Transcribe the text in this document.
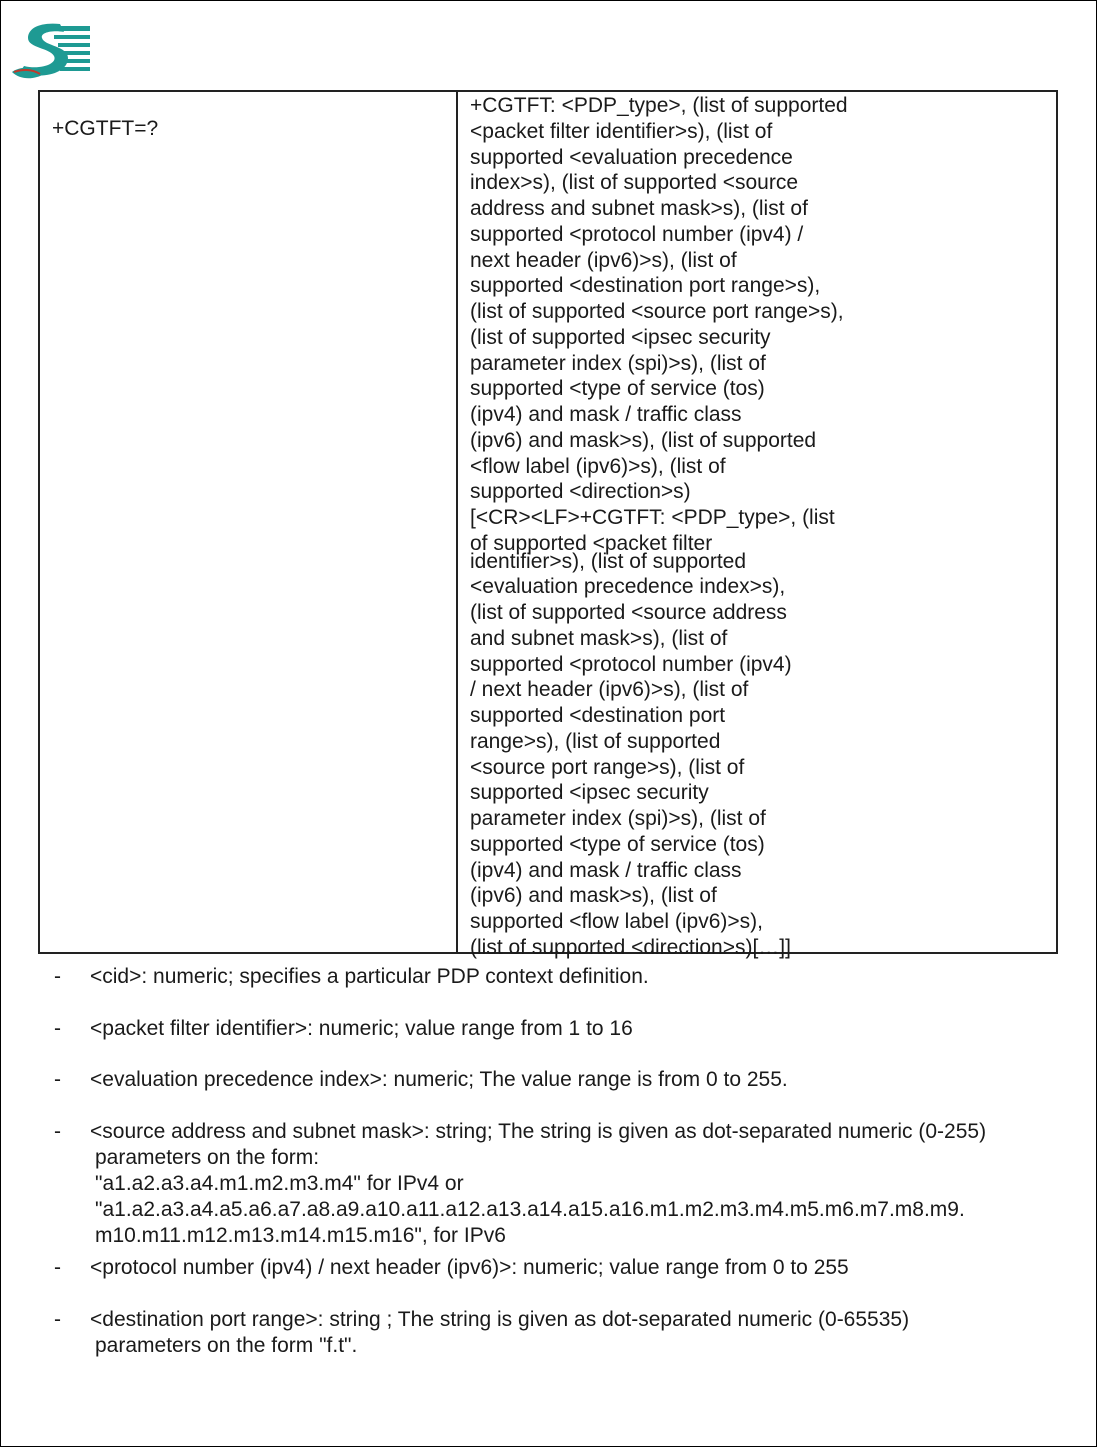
+CGTFT=?
+CGTFT: <PDP_type>, (list of supported
<packet filter identifier>s), (list of
supported <evaluation precedence
index>s), (list of supported <source
address and subnet mask>s), (list of
supported <protocol number (ipv4) /
next header (ipv6)>s), (list of
supported <destination port range>s),
(list of supported <source port range>s),
(list of supported <ipsec security
parameter index (spi)>s), (list of
supported <type of service (tos)
(ipv4) and mask / traffic class
(ipv6) and mask>s), (list of supported
<flow label (ipv6)>s), (list of
supported <direction>s)
[<CR><LF>+CGTFT: <PDP_type>, (list
of supported <packet filter
identifier>s), (list of supported
<evaluation precedence index>s),
(list of supported <source address
and subnet mask>s), (list of
supported <protocol number (ipv4)
/ next header (ipv6)>s), (list of
supported <destination port
range>s), (list of supported
<source port range>s), (list of
supported <ipsec security
parameter index (spi)>s), (list of
supported <type of service (tos)
(ipv4) and mask / traffic class
(ipv6) and mask>s), (list of
supported <flow label (ipv6)>s),
(list of supported <direction>s)[…]]
- <cid>: numeric; specifies a particular PDP context definition.
- <packet filter identifier>: numeric; value range from 1 to 16
- <evaluation precedence index>: numeric; The value range is from 0 to 255.
- <source address and subnet mask>: string; The string is given as dot-separated numeric (0-255)
parameters on the form:
"a1.a2.a3.a4.m1.m2.m3.m4" for IPv4 or
"a1.a2.a3.a4.a5.a6.a7.a8.a9.a10.a11.a12.a13.a14.a15.a16.m1.m2.m3.m4.m5.m6.m7.m8.m9.
m10.m11.m12.m13.m14.m15.m16", for IPv6
- <protocol number (ipv4) / next header (ipv6)>: numeric; value range from 0 to 255
- <destination port range>: string ; The string is given as dot-separated numeric (0-65535)
parameters on the form "f.t".
